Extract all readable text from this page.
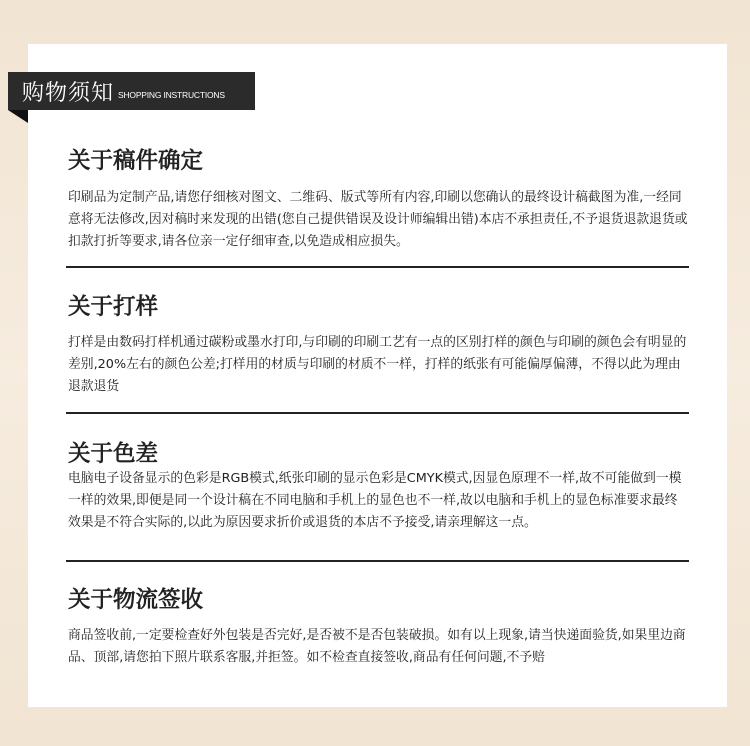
购物须知 SHOPPING INSTRUCTIONS
关于稿件确定
印刷品为定制产品,请您仔细核对图文、二维码、版式等所有内容,印刷以您确认的最终设计稿截图为准,一经同意将无法修改,因对稿时来发现的出错(您自己提供错误及设计师编辑出错)本店不承担责任,不予退货退款退货或扣款打折等要求,请各位亲一定仔细审查,以免造成相应损失。
关于打样
打样是由数码打样机通过碳粉或墨水打印,与印刷的印刷工艺有一点的区别打样的颜色与印刷的颜色会有明显的差别,20%左右的颜色公差;打样用的材质与印刷的材质不一样，打样的纸张有可能偏厚偏薄，不得以此为理由退款退货
关于色差
电脑电子设备显示的色彩是RGB模式,纸张印刷的显示色彩是CMYK模式,因显色原理不一样,故不可能做到一模一样的效果,即便是同一个设计稿在不同电脑和手机上的显色也不一样,故以电脑和手机上的显色标准要求最终效果是不符合实际的,以此为原因要求折价或退货的本店不予接受,请亲理解这一点。
关于物流签收
商品签收前,一定要检查好外包装是否完好,是否被不是否包装破损。如有以上现象,请当快递面验货,如果里边商品、顶部,请您拍下照片联系客服,并拒签。如不检查直接签收,商品有任何问题,不予赔
